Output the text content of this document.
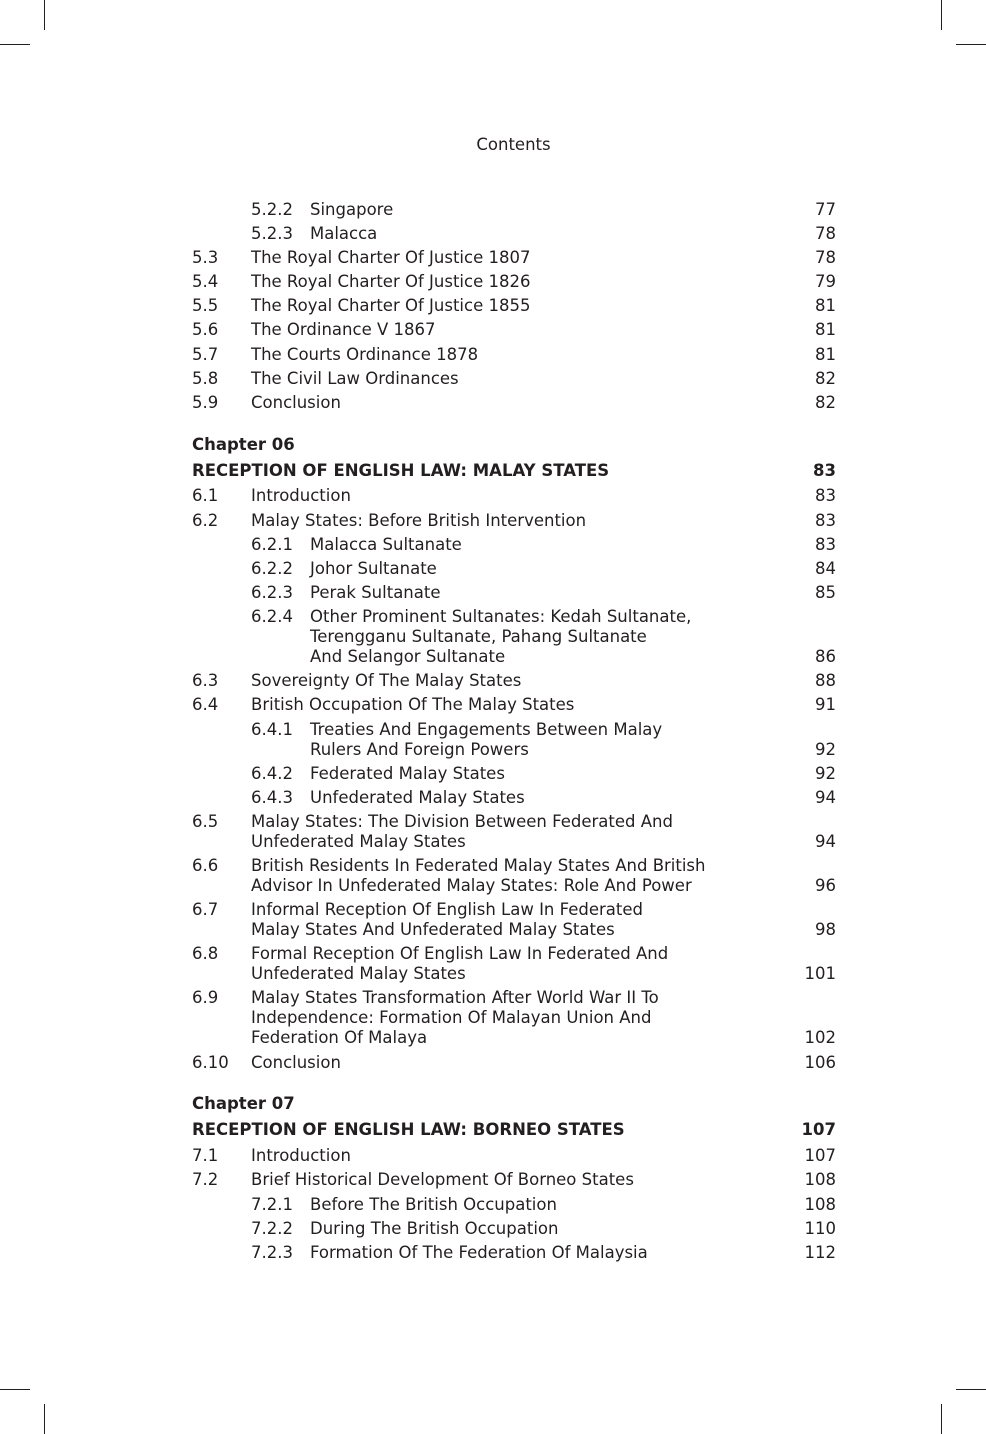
Contents
5.2.2 Singapore	77
5.2.3 Malacca	78
5.3 The Royal Charter Of Justice 1807	78
5.4 The Royal Charter Of Justice 1826	79
5.5 The Royal Charter Of Justice 1855	81
5.6 The Ordinance V 1867	81
5.7 The Courts Ordinance 1878	81
5.8 The Civil Law Ordinances	82
5.9 Conclusion	82
Chapter 06
RECEPTION OF ENGLISH LAW: MALAY STATES	83
6.1 Introduction	83
6.2 Malay States: Before British Intervention	83
6.2.1 Malacca Sultanate	83
6.2.2 Johor Sultanate	84
6.2.3 Perak Sultanate	85
6.2.4 Other Prominent Sultanates: Kedah Sultanate,
Terengganu Sultanate, Pahang Sultanate
And Selangor Sultanate	86
6.3 Sovereignty Of The Malay States	88
6.4 British Occupation Of The Malay States	91
6.4.1 Treaties And Engagements Between Malay
Rulers And Foreign Powers	92
6.4.2 Federated Malay States	92
6.4.3 Unfederated Malay States	94
6.5 Malay States: The Division Between Federated And
Unfederated Malay States	94
6.6 British Residents In Federated Malay States And British
Advisor In Unfederated Malay States: Role And Power	96
6.7 Informal Reception Of English Law In Federated
Malay States And Unfederated Malay States	98
6.8 Formal Reception Of English Law In Federated And
Unfederated Malay States	101
6.9 Malay States Transformation After World War II To
Independence: Formation Of Malayan Union And
Federation Of Malaya	102
6.10 Conclusion	106
Chapter 07
RECEPTION OF ENGLISH LAW: BORNEO STATES	107
7.1 Introduction	107
7.2 Brief Historical Development Of Borneo States	108
7.2.1 Before The British Occupation	108
7.2.2 During The British Occupation	110
7.2.3 Formation Of The Federation Of Malaysia	112
